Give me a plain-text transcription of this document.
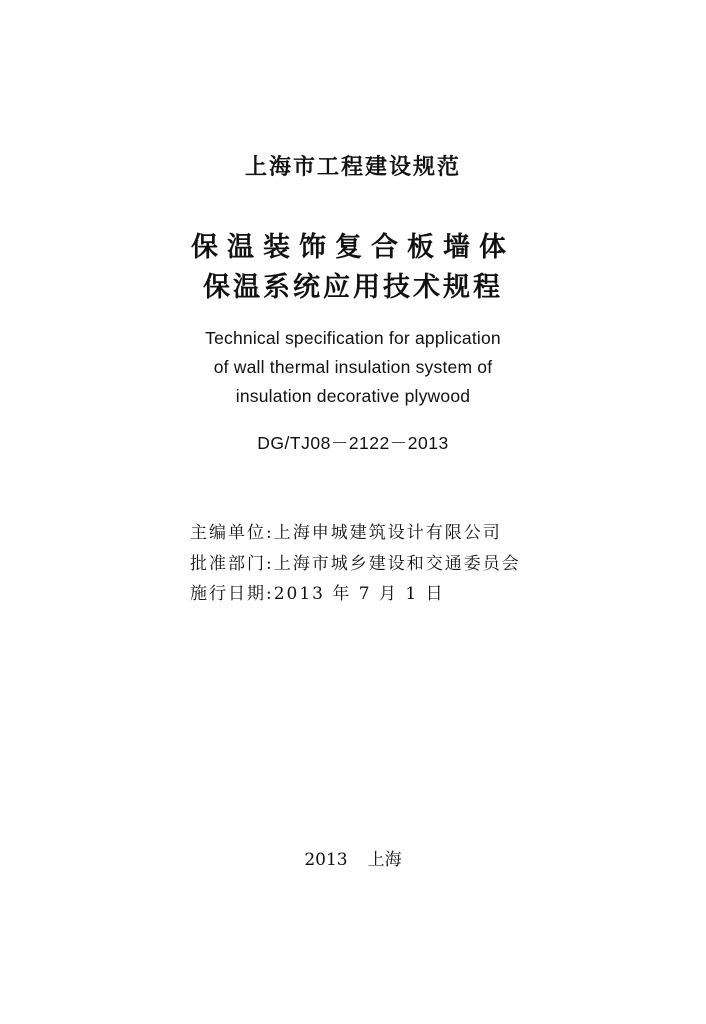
上海市工程建设规范
保温装饰复合板墙体
保温系统应用技术规程
Technical specification for application
of wall thermal insulation system of
insulation decorative plywood
DG/TJ08－2122－2013
主编单位:上海申城建筑设计有限公司
批准部门:上海市城乡建设和交通委员会
施行日期:2013 年 7 月 1 日
2013 上海
